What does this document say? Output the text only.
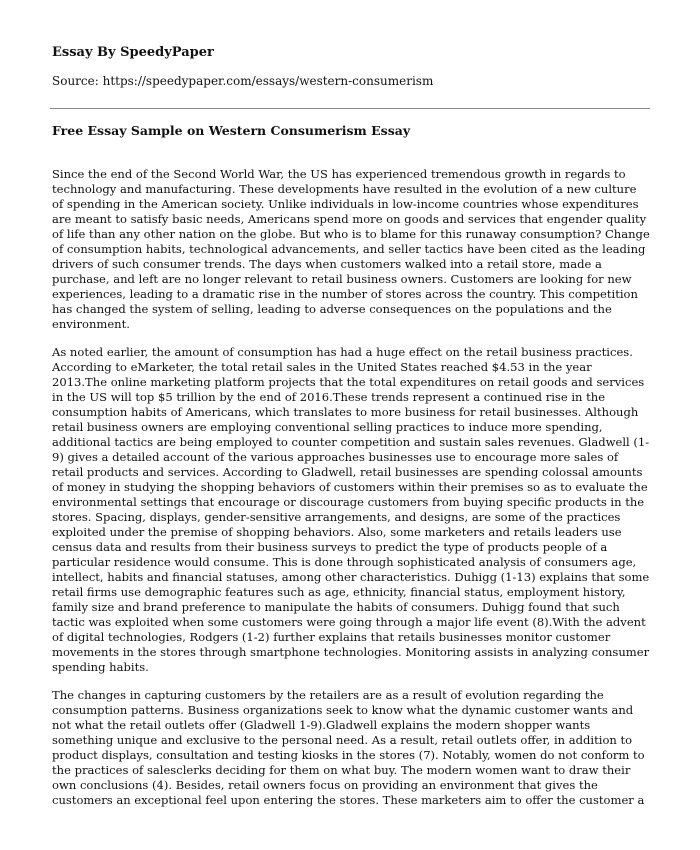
Essay By SpeedyPaper
Source: https://speedypaper.com/essays/western-consumerism
Free Essay Sample on Western Consumerism Essay

Since the end of the Second World War, the US has experienced tremendous growth in regards to technology and manufacturing. These developments have resulted in the evolution of a new culture of spending in the American society. Unlike individuals in low-income countries whose expenditures are meant to satisfy basic needs, Americans spend more on goods and services that engender quality of life than any other nation on the globe. But who is to blame for this runaway consumption? Change of consumption habits, technological advancements, and seller tactics have been cited as the leading drivers of such consumer trends. The days when customers walked into a retail store, made a purchase, and left are no longer relevant to retail business owners. Customers are looking for new experiences, leading to a dramatic rise in the number of stores across the country. This competition has changed the system of selling, leading to adverse consequences on the populations and the environment.

As noted earlier, the amount of consumption has had a huge effect on the retail business practices. According to eMarketer, the total retail sales in the United States reached $4.53 in the year 2013.The online marketing platform projects that the total expenditures on retail goods and services in the US will top $5 trillion by the end of 2016.These trends represent a continued rise in the consumption habits of Americans, which translates to more business for retail businesses. Although retail business owners are employing conventional selling practices to induce more spending, additional tactics are being employed to counter competition and sustain sales revenues. Gladwell (1-9) gives a detailed account of the various approaches businesses use to encourage more sales of retail products and services. According to Gladwell, retail businesses are spending colossal amounts of money in studying the shopping behaviors of customers within their premises so as to evaluate the environmental settings that encourage or discourage customers from buying specific products in the stores. Spacing, displays, gender-sensitive arrangements, and designs, are some of the practices exploited under the premise of shopping behaviors. Also, some marketers and retails leaders use census data and results from their business surveys to predict the type of products people of a particular residence would consume. This is done through sophisticated analysis of consumers age, intellect, habits and financial statuses, among other characteristics. Duhigg (1-13) explains that some retail firms use demographic features such as age, ethnicity, financial status, employment history, family size and brand preference to manipulate the habits of consumers. Duhigg found that such tactic was exploited when some customers were going through a major life event (8).With the advent of digital technologies, Rodgers (1-2) further explains that retails businesses monitor customer movements in the stores through smartphone technologies. Monitoring assists in analyzing consumer spending habits.

The changes in capturing customers by the retailers are as a result of evolution regarding the consumption patterns. Business organizations seek to know what the dynamic customer wants and not what the retail outlets offer (Gladwell 1-9).Gladwell explains the modern shopper wants something unique and exclusive to the personal need. As a result, retail outlets offer, in addition to product displays, consultation and testing kiosks in the stores (7). Notably, women do not conform to the practices of salesclerks deciding for them on what buy. The modern women want to draw their own conclusions (4). Besides, retail owners focus on providing an environment that gives the customers an exceptional feel upon entering the stores. These marketers aim to offer the customer a
